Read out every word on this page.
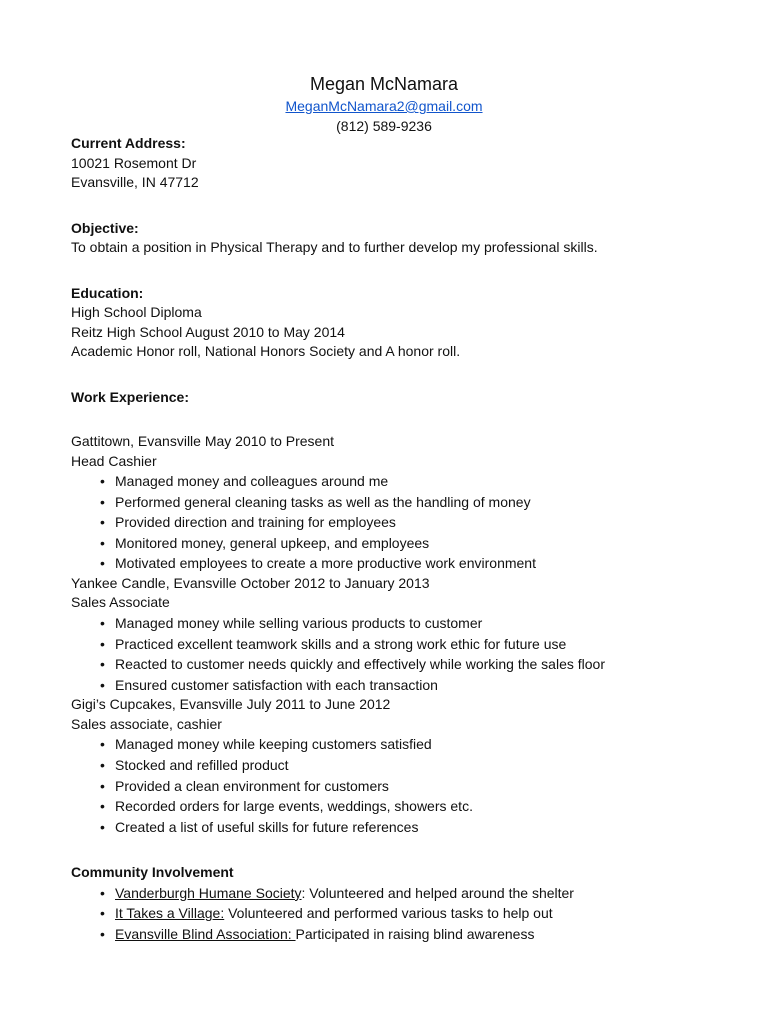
Megan McNamara
MeganMcNamara2@gmail.com
(812) 589-9236
Current Address:
10021 Rosemont Dr
Evansville, IN 47712
Objective:
To obtain a position in Physical Therapy and to further develop my professional skills.
Education:
High School Diploma
Reitz High School August 2010 to May 2014
Academic Honor roll, National Honors Society and A honor roll.
Work Experience:
Gattitown, Evansville May 2010 to Present
Head Cashier
• Managed money and colleagues around me
• Performed general cleaning tasks as well as the handling of money
• Provided direction and training for employees
• Monitored money, general upkeep, and employees
• Motivated employees to create a more productive work environment
Yankee Candle, Evansville October 2012 to January 2013
Sales Associate
• Managed money while selling various products to customer
• Practiced excellent teamwork skills and a strong work ethic for future use
• Reacted to customer needs quickly and effectively while working the sales floor
• Ensured customer satisfaction with each transaction
Gigi’s Cupcakes, Evansville July 2011 to June 2012
Sales associate, cashier
• Managed money while keeping customers satisfied
• Stocked and refilled product
• Provided a clean environment for customers
• Recorded orders for large events, weddings, showers etc.
• Created a list of useful skills for future references
Community Involvement
• Vanderburgh Humane Society: Volunteered and helped around the shelter
• It Takes a Village: Volunteered and performed various tasks to help out
• Evansville Blind Association: Participated in raising blind awareness
